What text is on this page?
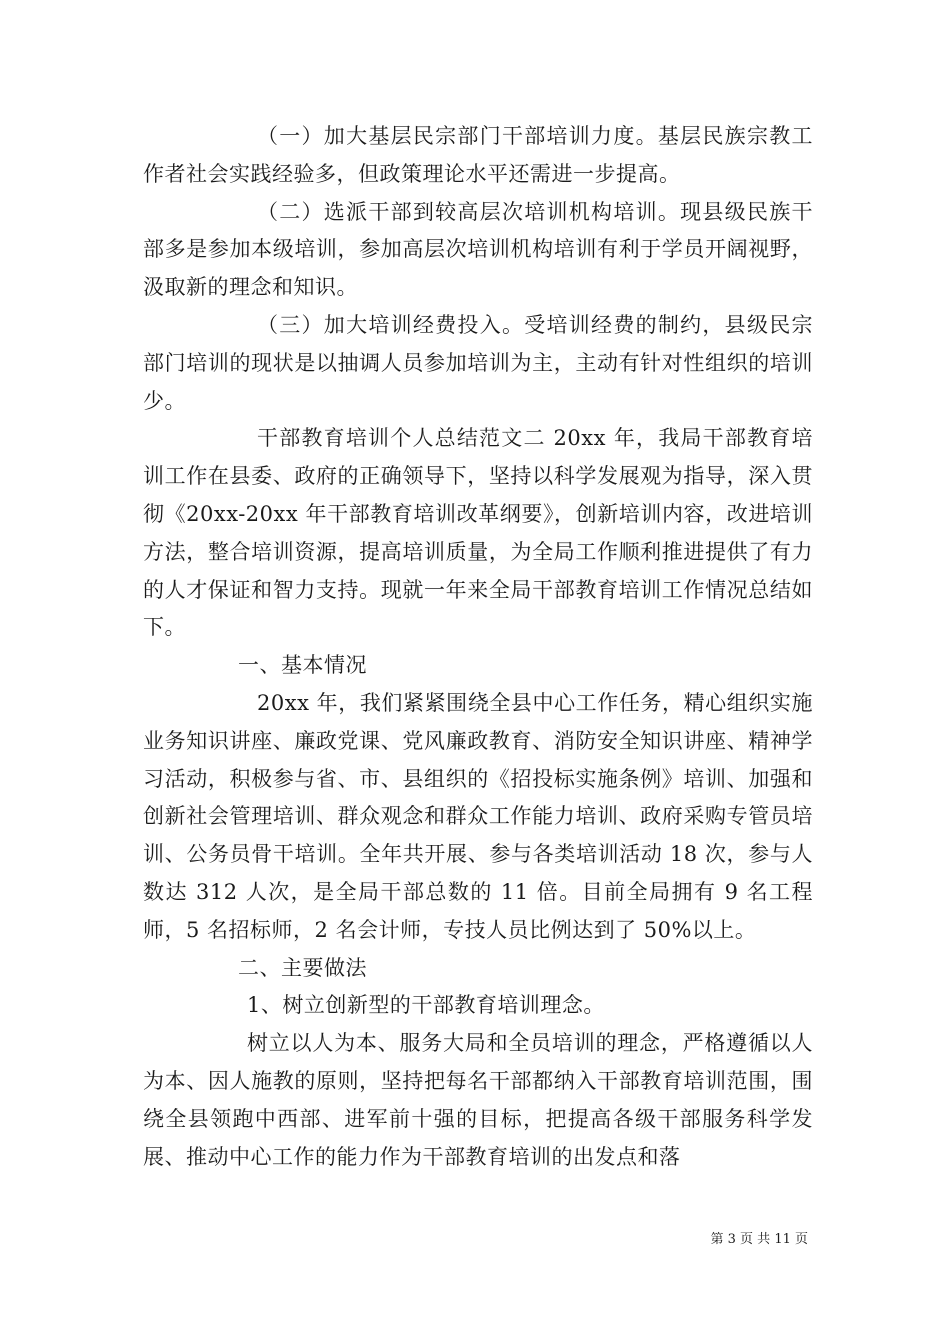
（一）加大基层民宗部门干部培训力度。基层民族宗教工作者社会实践经验多，但政策理论水平还需进一步提高。

（二）选派干部到较高层次培训机构培训。现县级民族干部多是参加本级培训，参加高层次培训机构培训有利于学员开阔视野，汲取新的理念和知识。

（三）加大培训经费投入。受培训经费的制约，县级民宗部门培训的现状是以抽调人员参加培训为主，主动有针对性组织的培训少。

干部教育培训个人总结范文二 20xx 年，我局干部教育培训工作在县委、政府的正确领导下，坚持以科学发展观为指导，深入贯彻《20xx-20xx 年干部教育培训改革纲要》，创新培训内容，改进培训方法，整合培训资源，提高培训质量，为全局工作顺利推进提供了有力的人才保证和智力支持。现就一年来全局干部教育培训工作情况总结如下。

一、基本情况

20xx 年，我们紧紧围绕全县中心工作任务，精心组织实施业务知识讲座、廉政党课、党风廉政教育、消防安全知识讲座、精神学习活动，积极参与省、市、县组织的《招投标实施条例》培训、加强和创新社会管理培训、群众观念和群众工作能力培训、政府采购专管员培训、公务员骨干培训。全年共开展、参与各类培训活动 18 次，参与人数达 312 人次，是全局干部总数的 11 倍。目前全局拥有 9 名工程师，5 名招标师，2 名会计师，专技人员比例达到了 50%以上。

二、主要做法

1、树立创新型的干部教育培训理念。

树立以人为本、服务大局和全员培训的理念，严格遵循以人为本、因人施教的原则，坚持把每名干部都纳入干部教育培训范围，围绕全县领跑中西部、进军前十强的目标，把提高各级干部服务科学发展、推动中心工作的能力作为干部教育培训的出发点和落

第 3 页 共 11 页
